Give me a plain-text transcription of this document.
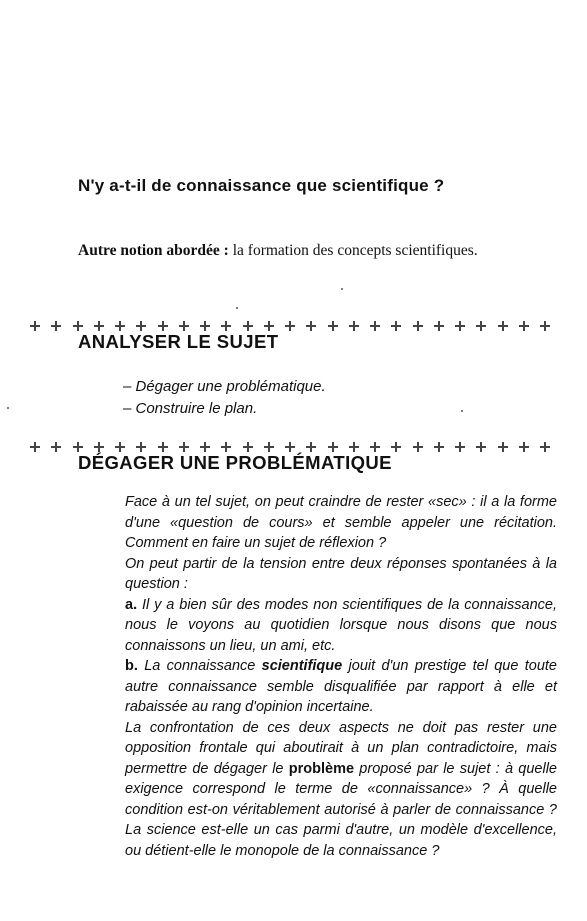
N'y a-t-il de connaissance que scientifique ?
Autre notion abordée : la formation des concepts scientifiques.
ANALYSER LE SUJET
– Dégager une problématique.
– Construire le plan.
DÉGAGER UNE PROBLÉMATIQUE

Face à un tel sujet, on peut craindre de rester «sec» : il a la forme d'une «question de cours» et semble appeler une récitation. Comment en faire un sujet de réflexion ?

On peut partir de la tension entre deux réponses spontanées à la question :

a. Il y a bien sûr des modes non scientifiques de la connaissance, nous le voyons au quotidien lorsque nous disons que nous connaissons un lieu, un ami, etc.

b. La connaissance scientifique jouit d'un prestige tel que toute autre connaissance semble disqualifiée par rapport à elle et rabaissée au rang d'opinion incertaine.

La confrontation de ces deux aspects ne doit pas rester une opposition frontale qui aboutirait à un plan contradictoire, mais permettre de dégager le problème proposé par le sujet : à quelle exigence correspond le terme de «connaissance» ? À quelle condition est-on véritablement autorisé à parler de connaissance ? La science est-elle un cas parmi d'autre, un modèle d'excellence, ou détient-elle le monopole de la connaissance ?
